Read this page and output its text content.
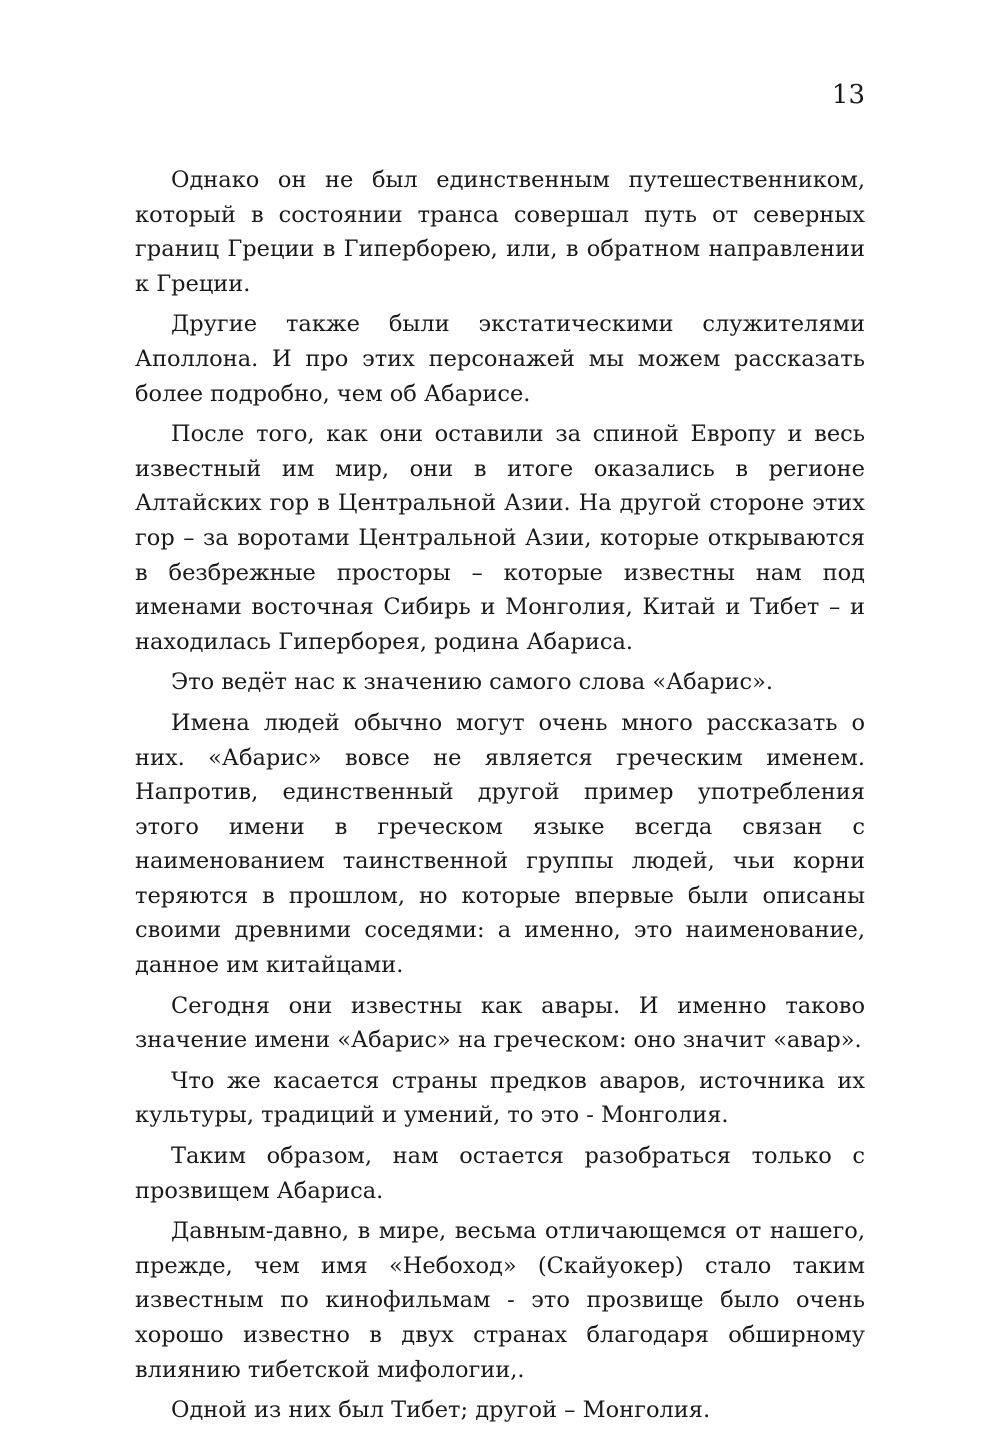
13

Однако он не был единственным путешественником, который в состоянии транса совершал путь от северных границ Греции в Гиперборею, или, в обратном направлении к Греции.

Другие также были экстатическими служителями Аполлона. И про этих персонажей мы можем рассказать более подробно, чем об Абарисе.

После того, как они оставили за спиной Европу и весь известный им мир, они в итоге оказались в регионе Алтайских гор в Центральной Азии. На другой стороне этих гор – за воротами Центральной Азии, которые открываются в безбрежные просторы – которые известны нам под именами восточная Сибирь и Монголия, Китай и Тибет – и находилась Гиперборея, родина Абариса.

Это ведёт нас к значению самого слова «Абарис».

Имена людей обычно могут очень много рассказать о них. «Абарис» вовсе не является греческим именем. Напротив, единственный другой пример употребления этого имени в греческом языке всегда связан с наименованием таинственной группы людей, чьи корни теряются в прошлом, но которые впервые были описаны своими древними соседями: а именно, это наименование, данное им китайцами.

Сегодня они известны как авары. И именно таково значение имени «Абарис» на греческом: оно значит «авар».

Что же касается страны предков аваров, источника их культуры, традиций и умений, то это - Монголия.

Таким образом, нам остается разобраться только с прозвищем Абариса.

Давным-давно, в мире, весьма отличающемся от нашего, прежде, чем имя «Небоход» (Скайуокер) стало таким известным по кинофильмам - это прозвище было очень хорошо известно в двух странах благодаря обширному влиянию тибетской мифологии,.

Одной из них был Тибет; другой – Монголия.
